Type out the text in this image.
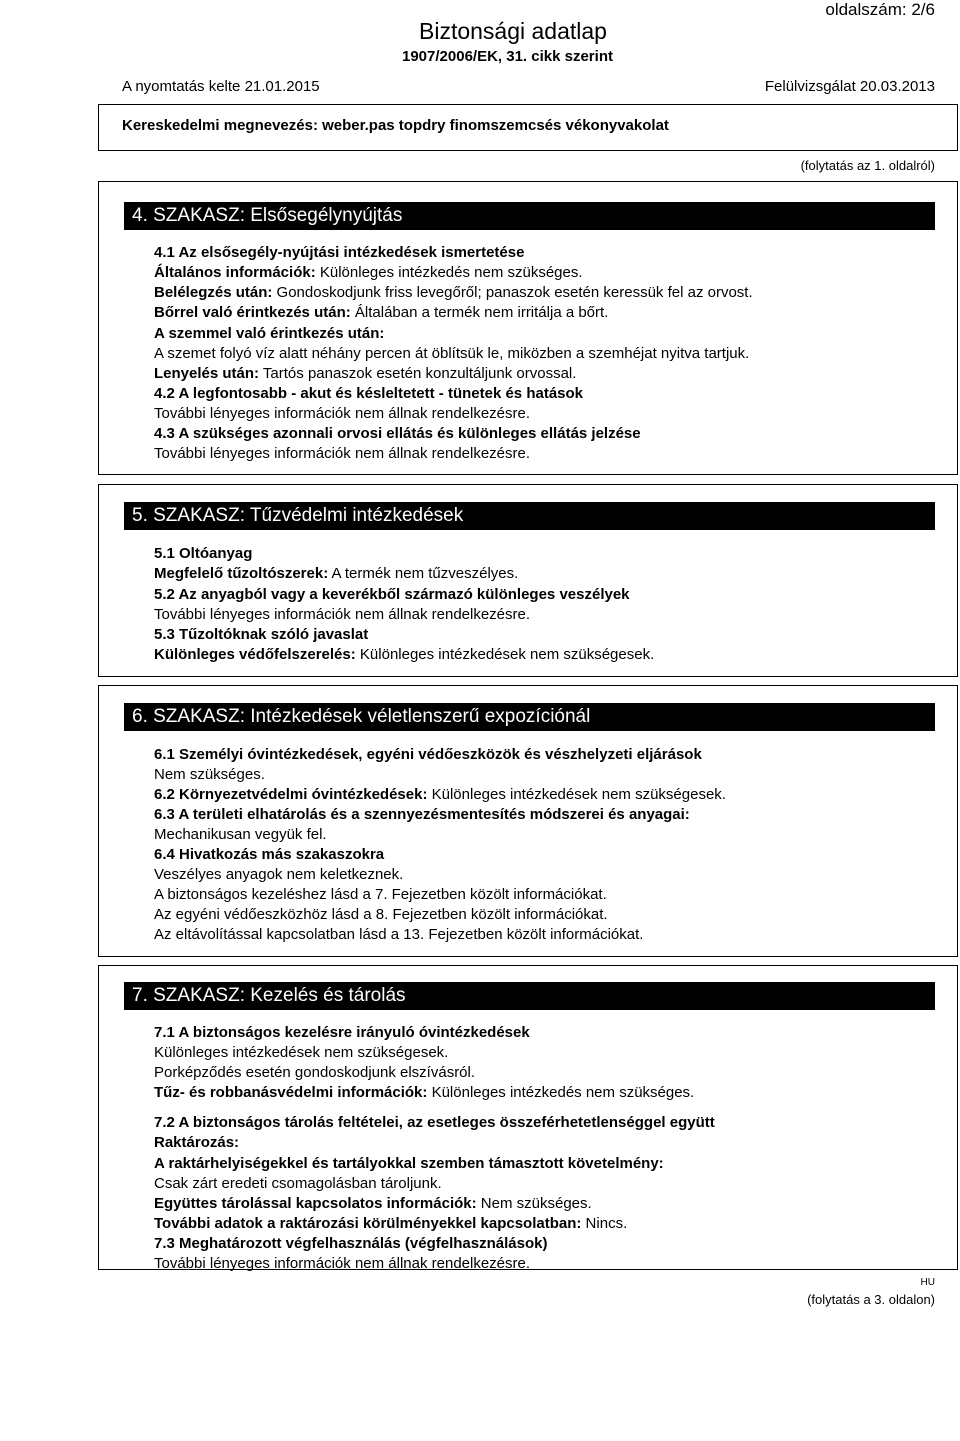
oldalszám: 2/6
Biztonsági adatlap
1907/2006/EK, 31. cikk szerint
A nyomtatás kelte 21.01.2015	Felülvizsgálat 20.03.2013
Kereskedelmi megnevezés: weber.pas topdry finomszemcsés vékonyvakolat
(folytatás az 1. oldalról)
4. SZAKASZ: Elsősegélynyújtás
4.1 Az elsősegély-nyújtási intézkedések ismertetése
Általános információk: Különleges intézkedés nem szükséges.
Belélegzés után: Gondoskodjunk friss levegőről; panaszok esetén keressük fel az orvost.
Bőrrel való érintkezés után: Általában a termék nem irritálja a bőrt.
A szemmel való érintkezés után:
A szemet folyó víz alatt néhány percen át öblítsük le, miközben a szemhéjat nyitva tartjuk.
Lenyelés után: Tartós panaszok esetén konzultáljunk orvossal.
4.2 A legfontosabb - akut és késleltetett - tünetek és hatások
További lényeges információk nem állnak rendelkezésre.
4.3 A szükséges azonnali orvosi ellátás és különleges ellátás jelzése
További lényeges információk nem állnak rendelkezésre.
5. SZAKASZ: Tűzvédelmi intézkedések
5.1 Oltóanyag
Megfelelő tűzoltószerek: A termék nem tűzveszélyes.
5.2 Az anyagból vagy a keverékből származó különleges veszélyek
További lényeges információk nem állnak rendelkezésre.
5.3 Tűzoltóknak szóló javaslat
Különleges védőfelszerelés: Különleges intézkedések nem szükségesek.
6. SZAKASZ: Intézkedések véletlenszerű expozíciónál
6.1 Személyi óvintézkedések, egyéni védőeszközök és vészhelyzeti eljárások
Nem szükséges.
6.2 Környezetvédelmi óvintézkedések: Különleges intézkedések nem szükségesek.
6.3 A területi elhatárolás és a szennyezésmentesítés módszerei és anyagai:
Mechanikusan vegyük fel.
6.4 Hivatkozás más szakaszokra
Veszélyes anyagok nem keletkeznek.
A biztonságos kezeléshez lásd a 7. Fejezetben közölt információkat.
Az egyéni védőeszközhöz lásd a 8. Fejezetben közölt információkat.
Az eltávolítással kapcsolatban lásd a 13. Fejezetben közölt információkat.
7. SZAKASZ: Kezelés és tárolás
7.1 A biztonságos kezelésre irányuló óvintézkedések
Különleges intézkedések nem szükségesek.
Porképződés esetén gondoskodjunk elszívásról.
Tűz- és robbanásvédelmi információk: Különleges intézkedés nem szükséges.
7.2 A biztonságos tárolás feltételei, az esetleges összeférhetetlenséggel együtt
Raktározás:
A raktárhelyiségekkel és tartályokkal szemben támasztott követelmény:
Csak zárt eredeti csomagolásban tároljunk.
Együttes tárolással kapcsolatos információk: Nem szükséges.
További adatok a raktározási körülményekkel kapcsolatban: Nincs.
7.3 Meghatározott végfelhasználás (végfelhasználások)
További lényeges információk nem állnak rendelkezésre.
HU
(folytatás a 3. oldalon)
